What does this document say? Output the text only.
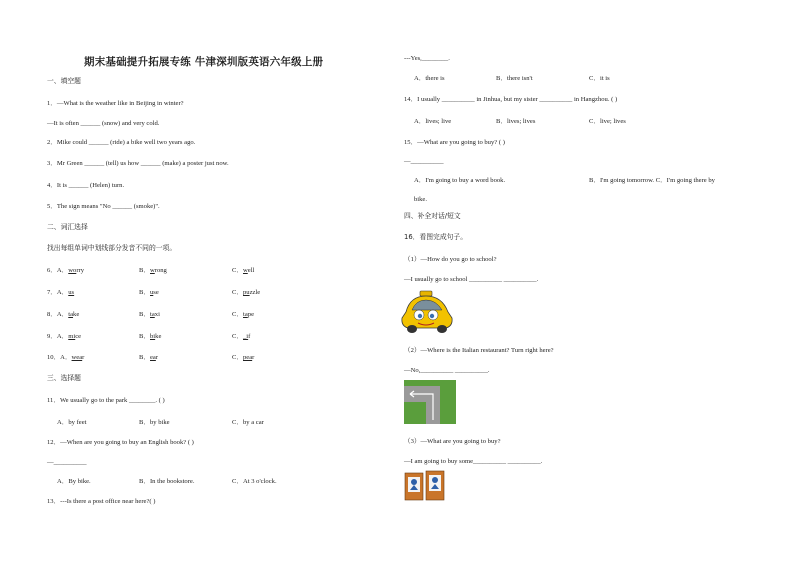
期末基础提升拓展专练 牛津深圳版英语六年级上册
一、填空题
1．—What is the weather like in Beijing in winter?
—It is often ______ (snow) and very cold.
2．Mike could ______ (ride) a bike well two years ago.
3．Mr Green ______ (tell) us how ______ (make) a poster just now.
4．It is ______ (Helen) turn.
5．The sign means "No ______ (smoke)".
二、词汇选择
找出每组单词中划线部分发音不同的一项。
6．A．worry	B．wrong	C．well
7．A．us	B．use	C．puzzle
8．A．take	B．taxi	C．tape
9．A．mice	B．bike	C．_if
10．A．wear	B．ear	C．pear
三、选择题
11．We usually go to the park ________. ( )
A．by feet	B．by bike	C．by a car
12．—When are you going to buy an English book? ( )
—__________
A．By bike.	B．In the bookstore.	C．At 3 o'clock.
13．---Is there a post office near here?( )
---Yes,________.
A．there is	B．there isn't	C．it is
14．I usually __________ in Jinhua, but my sister __________ in Hangzhou. ( )
A．lives; live	B．lives; lives	C．live; lives
15．—What are you going to buy? ( )
—__________
A．I'm going to buy a word book.	B．I'm going tomorrow. C．I'm going there by
bike.
四、补全对话/短文
16．看图完成句子。
（1）—How do you go to school?
—I usually go to school __________ __________.
（2）—Where is the Italian restaurant? Turn right here?
—No,__________ __________.
（3）—What are you going to buy?
—I am going to buy some__________ __________.
